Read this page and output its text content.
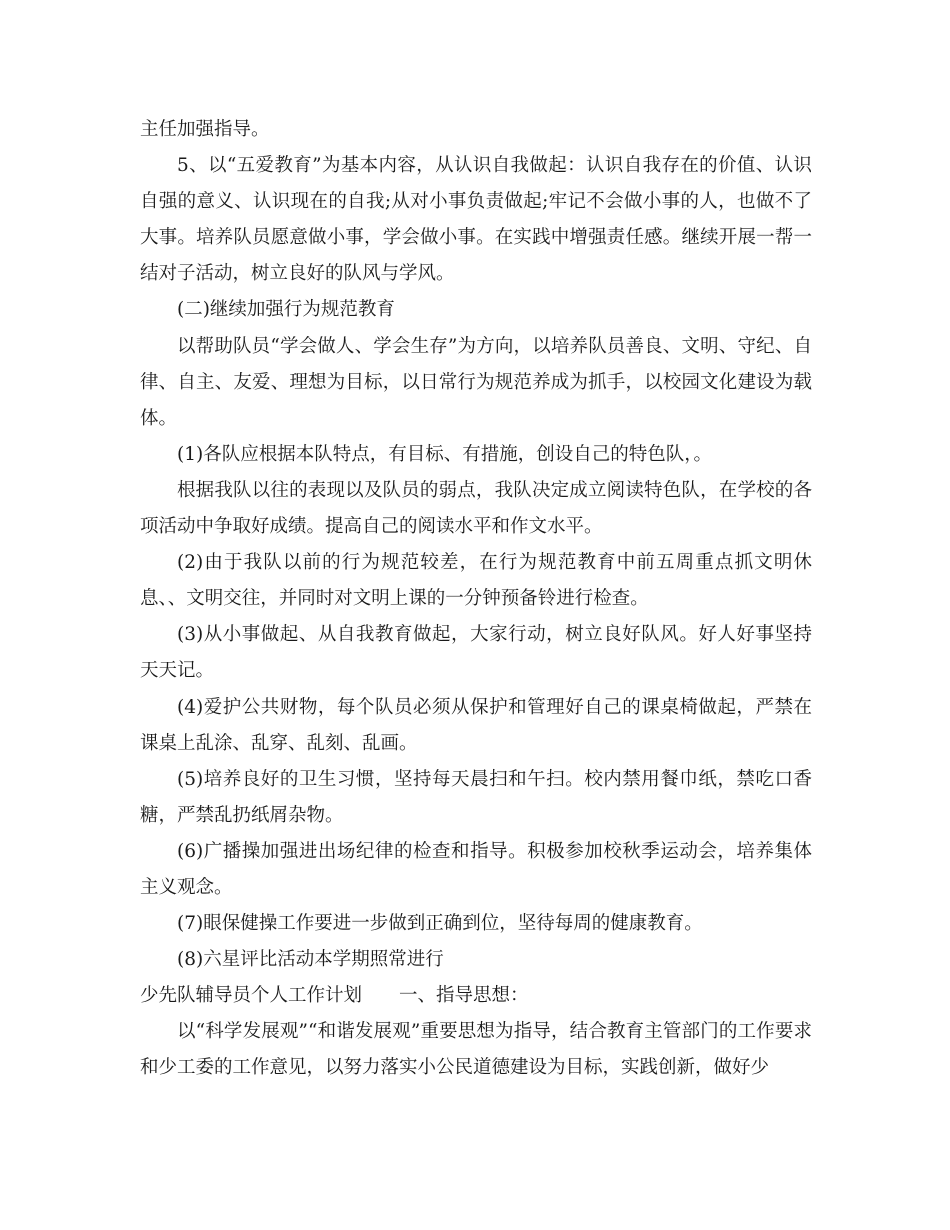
主任加强指导。

5、以“五爱教育”为基本内容，从认识自我做起：认识自我存在的价值、认识自强的意义、认识现在的自我;从对小事负责做起;牢记不会做小事的人，也做不了大事。培养队员愿意做小事，学会做小事。在实践中增强责任感。继续开展一帮一结对子活动，树立良好的队风与学风。

(二)继续加强行为规范教育

以帮助队员“学会做人、学会生存”为方向，以培养队员善良、文明、守纪、自律、自主、友爱、理想为目标，以日常行为规范养成为抓手，以校园文化建设为载体。

(1)各队应根据本队特点，有目标、有措施，创设自己的特色队，。

根据我队以往的表现以及队员的弱点，我队决定成立阅读特色队，在学校的各项活动中争取好成绩。提高自己的阅读水平和作文水平。

(2)由于我队以前的行为规范较差，在行为规范教育中前五周重点抓文明休息、、文明交往，并同时对文明上课的一分钟预备铃进行检查。

(3)从小事做起、从自我教育做起，大家行动，树立良好队风。好人好事坚持天天记。

(4)爱护公共财物，每个队员必须从保护和管理好自己的课桌椅做起，严禁在课桌上乱涂、乱穿、乱刻、乱画。

(5)培养良好的卫生习惯，坚持每天晨扫和午扫。校内禁用餐巾纸，禁吃口香糖，严禁乱扔纸屑杂物。

(6)广播操加强进出场纪律的检查和指导。积极参加校秋季运动会，培养集体主义观念。

(7)眼保健操工作要进一步做到正确到位，坚待每周的健康教育。

(8)六星评比活动本学期照常进行

少先队辅导员个人工作计划　　一、指导思想：

以“科学发展观”“和谐发展观”重要思想为指导，结合教育主管部门的工作要求和少工委的工作意见，以努力落实小公民道德建设为目标，实践创新，做好少
